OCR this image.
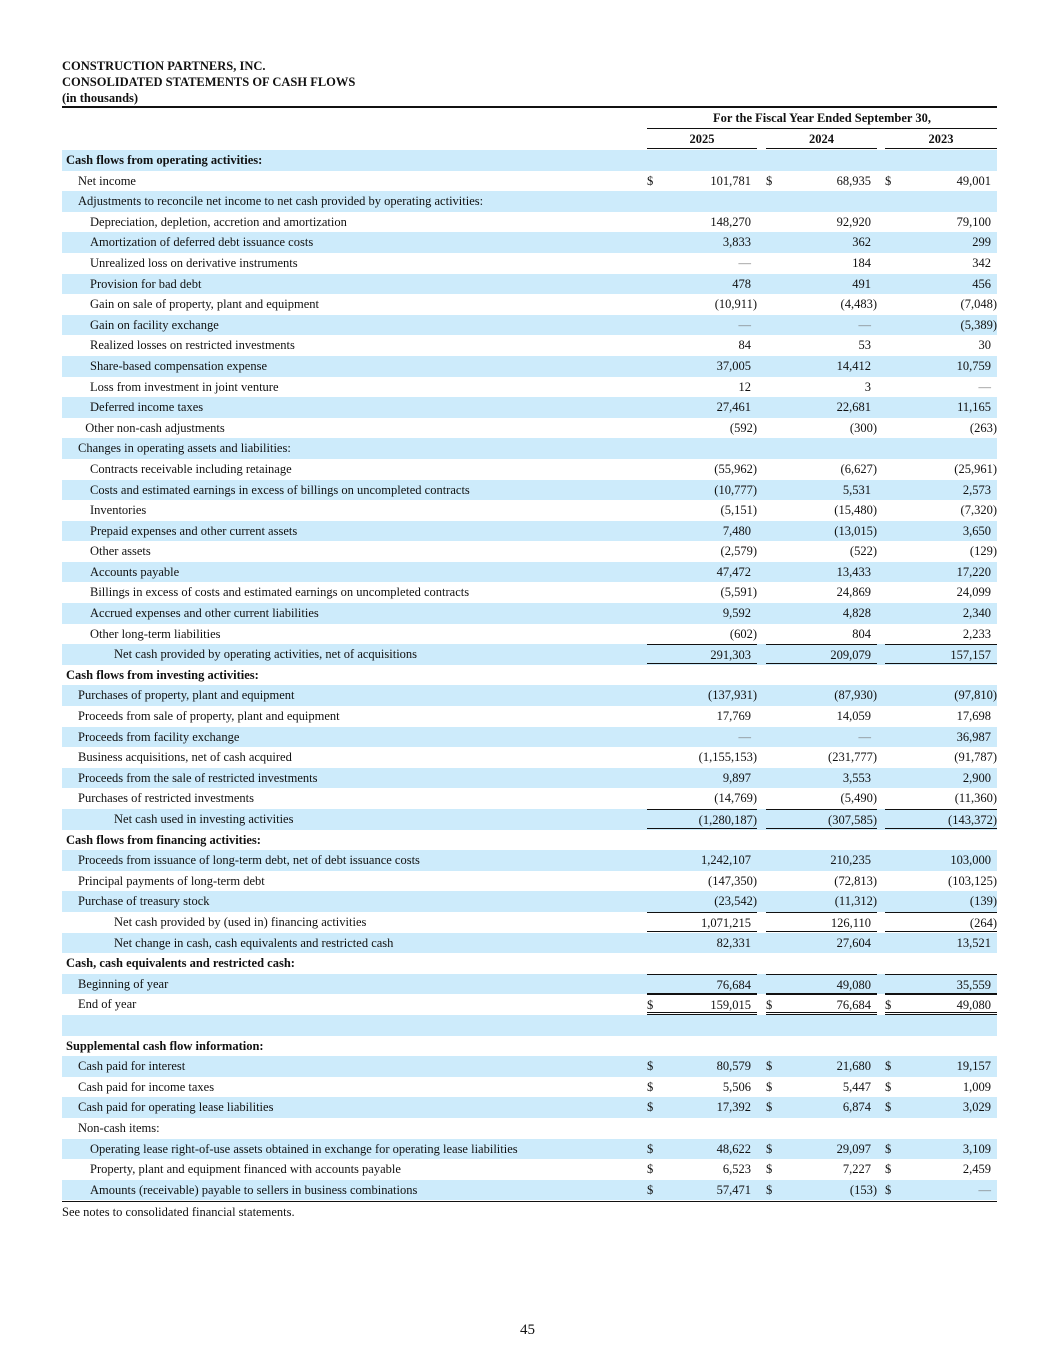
CONSTRUCTION PARTNERS, INC.
CONSOLIDATED STATEMENTS OF CASH FLOWS
(in thousands)
For the Fiscal Year Ended September 30,
2025	2024	2023
Cash flows from operating activities:
Net income	$	101,781 $	68,935 $	49,001
Adjustments to reconcile net income to net cash provided by operating activities:
Depreciation, depletion, accretion and amortization	148,270	92,920	79,100
Amortization of deferred debt issuance costs	3,833	362	299
Unrealized loss on derivative instruments	—	184	342
Provision for bad debt	478	491	456
Gain on sale of property, plant and equipment	(10,911)	(4,483)	(7,048)
Gain on facility exchange	—	—	(5,389)
Realized losses on restricted investments	84	53	30
Share-based compensation expense	37,005	14,412	10,759
Loss from investment in joint venture	12	3	—
Deferred income taxes	27,461	22,681	11,165
Other non-cash adjustments	(592)	(300)	(263)
Changes in operating assets and liabilities:
Contracts receivable including retainage	(55,962)	(6,627)	(25,961)
Costs and estimated earnings in excess of billings on uncompleted contracts	(10,777)	5,531	2,573
Inventories	(5,151)	(15,480)	(7,320)
Prepaid expenses and other current assets	7,480	(13,015)	3,650
Other assets	(2,579)	(522)	(129)
Accounts payable	47,472	13,433	17,220
Billings in excess of costs and estimated earnings on uncompleted contracts	(5,591)	24,869	24,099
Accrued expenses and other current liabilities	9,592	4,828	2,340
Other long-term liabilities	(602)	804	2,233
Net cash provided by operating activities, net of acquisitions	291,303	209,079	157,157
Cash flows from investing activities:
Purchases of property, plant and equipment	(137,931)	(87,930)	(97,810)
Proceeds from sale of property, plant and equipment	17,769	14,059	17,698
Proceeds from facility exchange	—	—	36,987
Business acquisitions, net of cash acquired	(1,155,153)	(231,777)	(91,787)
Proceeds from the sale of restricted investments	9,897	3,553	2,900
Purchases of restricted investments	(14,769)	(5,490)	(11,360)
Net cash used in investing activities	(1,280,187)	(307,585)	(143,372)
Cash flows from financing activities:
Proceeds from issuance of long-term debt, net of debt issuance costs	1,242,107	210,235	103,000
Principal payments of long-term debt	(147,350)	(72,813)	(103,125)
Purchase of treasury stock	(23,542)	(11,312)	(139)
Net cash provided by (used in) financing activities	1,071,215	126,110	(264)
Net change in cash, cash equivalents and restricted cash	82,331	27,604	13,521
Cash, cash equivalents and restricted cash:
Beginning of year	76,684	49,080	35,559
End of year	$	159,015 $	76,684 $	49,080
Supplemental cash flow information:
Cash paid for interest	$	80,579 $	21,680 $	19,157
Cash paid for income taxes	$	5,506 $	5,447 $	1,009
Cash paid for operating lease liabilities	$	17,392 $	6,874 $	3,029
Non-cash items:
Operating lease right-of-use assets obtained in exchange for operating lease liabilities	$	48,622 $	29,097 $	3,109
Property, plant and equipment financed with accounts payable	$	6,523 $	7,227 $	2,459
Amounts (receivable) payable to sellers in business combinations	$	57,471 $	(153) $	—
See notes to consolidated financial statements.
45
